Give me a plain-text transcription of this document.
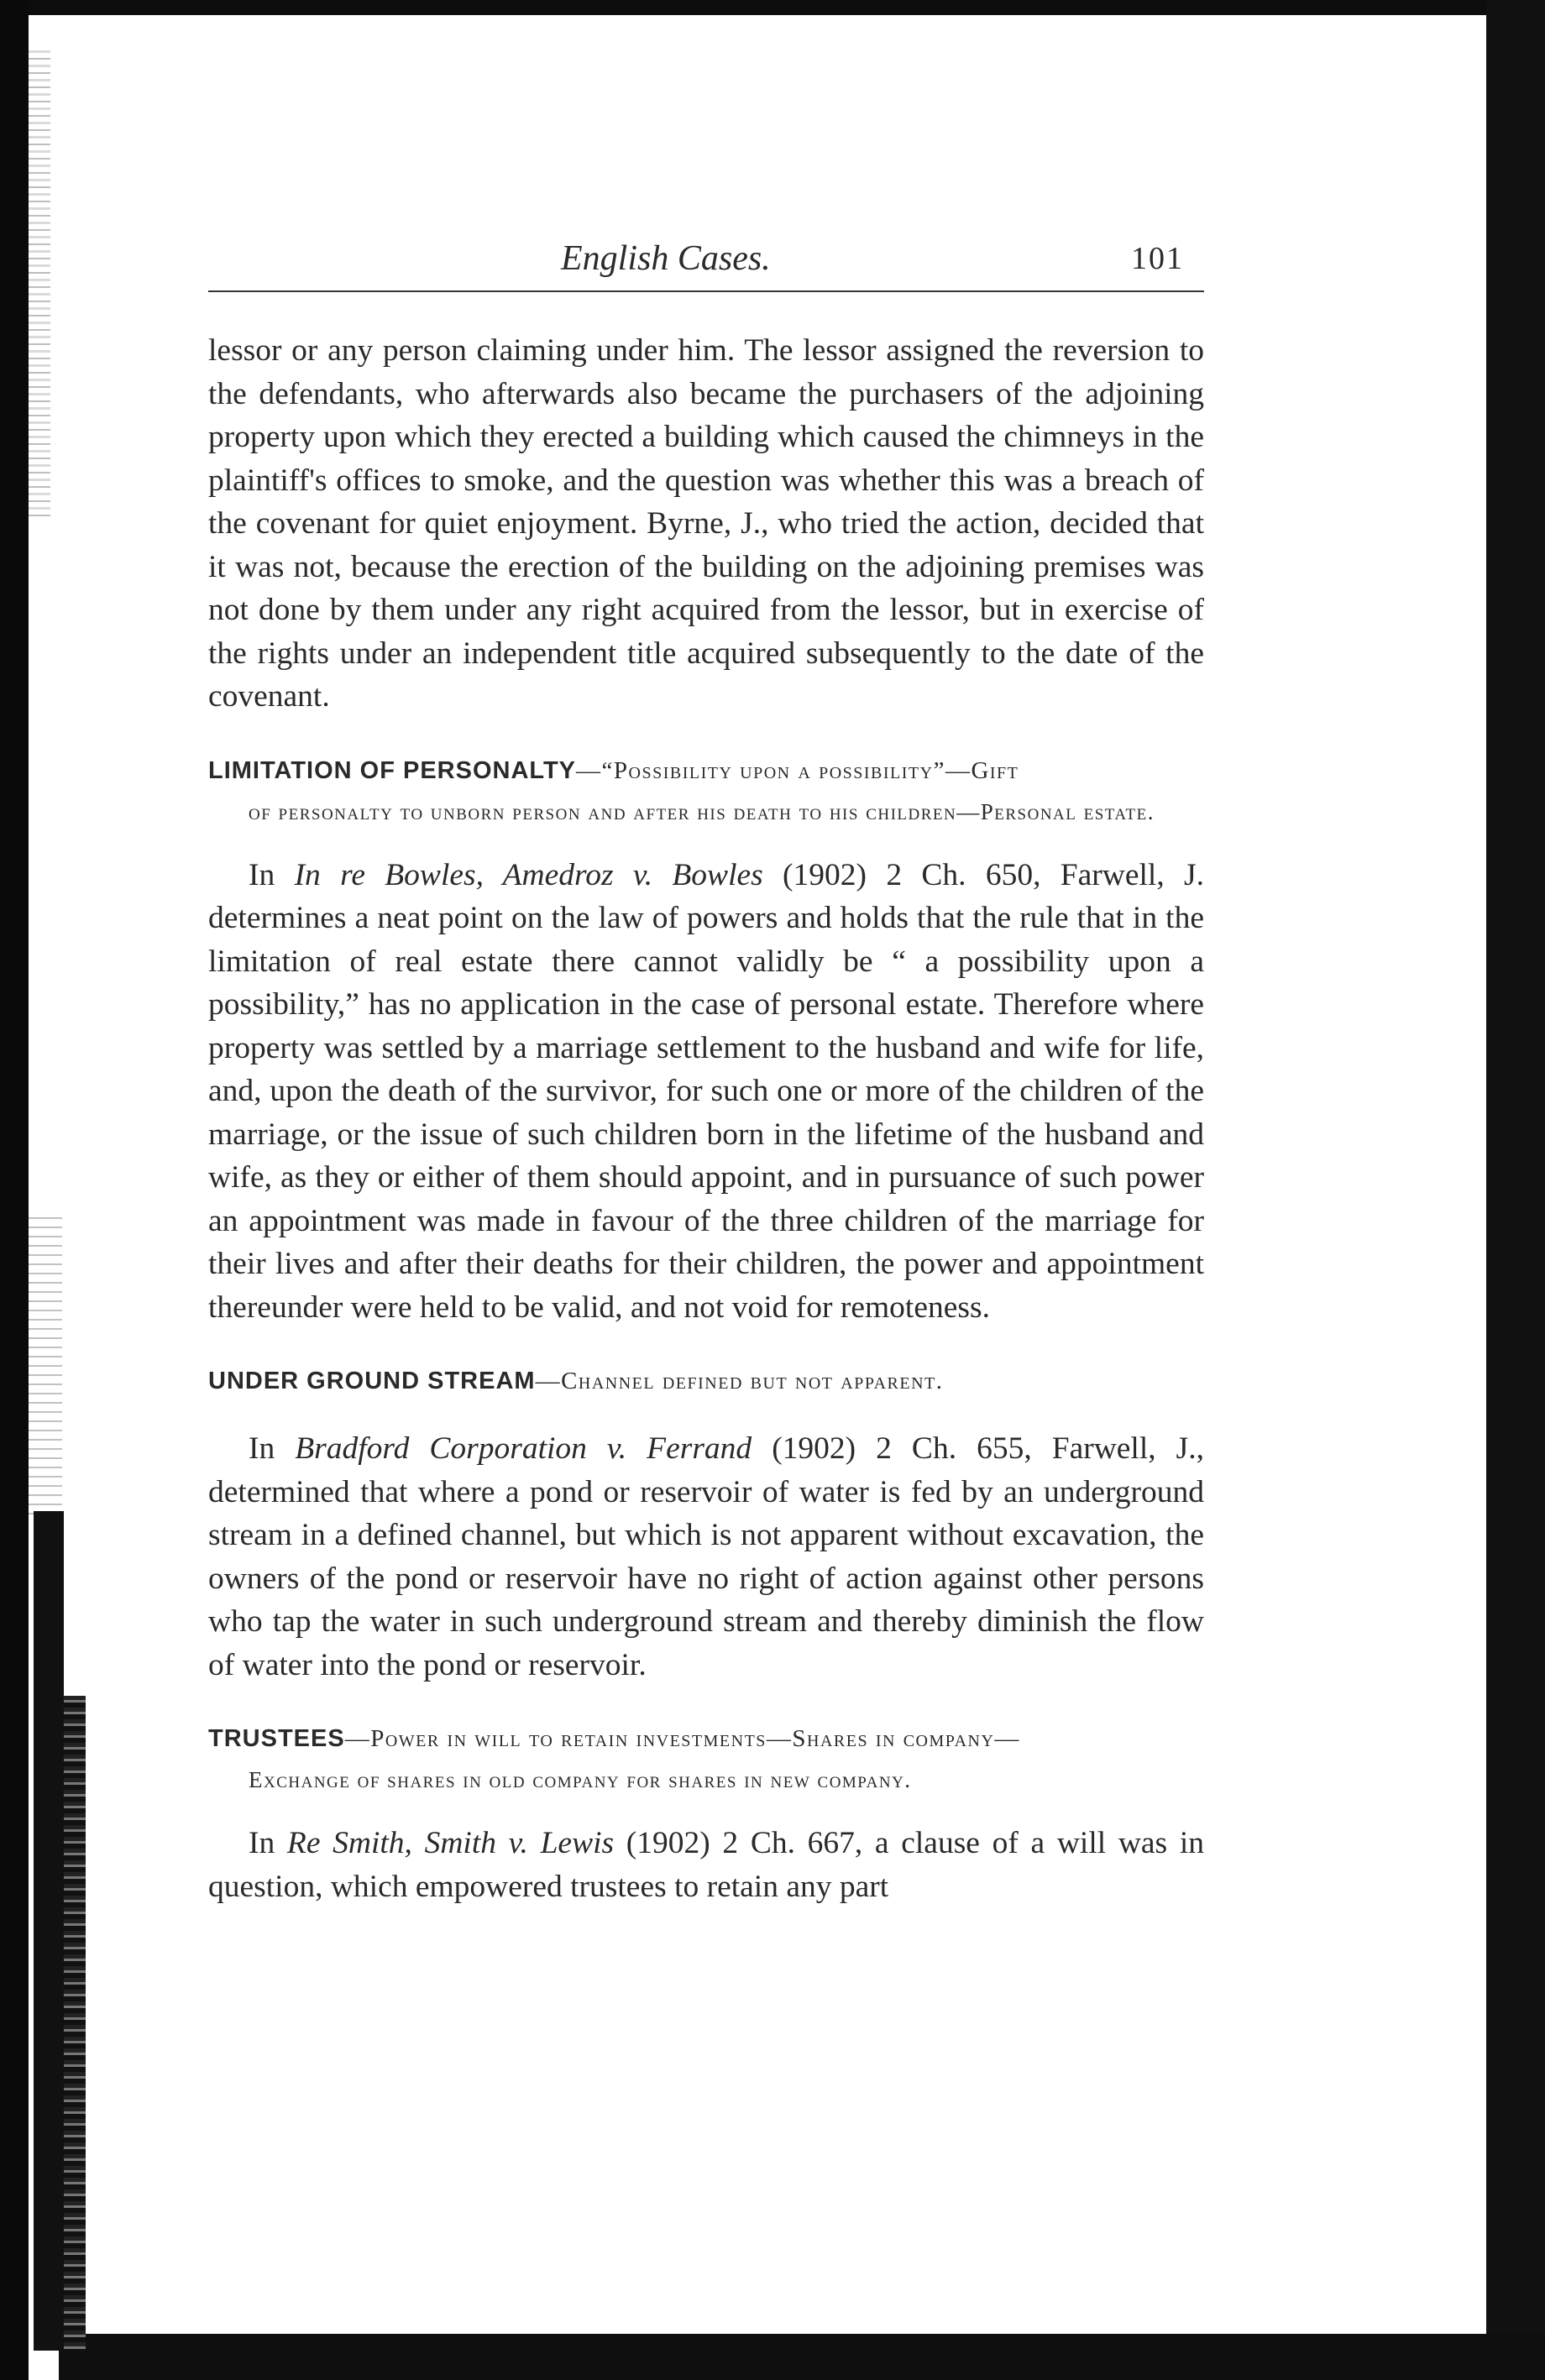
English Cases.	101

lessor or any person claiming under him. The lessor assigned the reversion to the defendants, who afterwards also became the purchasers of the adjoining property upon which they erected a building which caused the chimneys in the plaintiff's offices to smoke, and the question was whether this was a breach of the covenant for quiet enjoyment. Byrne, J., who tried the action, decided that it was not, because the erection of the building on the adjoining premises was not done by them under any right acquired from the lessor, but in exercise of the rights under an independent title acquired subsequently to the date of the covenant.

LIMITATION OF PERSONALTY—“Possibility upon a possibility”—Gift
of personalty to unborn person and after his death to his children—Personal estate.

In In re Bowles, Amedroz v. Bowles (1902) 2 Ch. 650, Farwell, J. determines a neat point on the law of powers and holds that the rule that in the limitation of real estate there cannot validly be “ a possibility upon a possibility,” has no application in the case of personal estate. Therefore where property was settled by a marriage settlement to the husband and wife for life, and, upon the death of the survivor, for such one or more of the children of the marriage, or the issue of such children born in the lifetime of the husband and wife, as they or either of them should appoint, and in pursuance of such power an appointment was made in favour of the three children of the marriage for their lives and after their deaths for their children, the power and appointment thereunder were held to be valid, and not void for remoteness.

UNDER GROUND STREAM—Channel defined but not apparent.

In Bradford Corporation v. Ferrand (1902) 2 Ch. 655, Farwell, J., determined that where a pond or reservoir of water is fed by an underground stream in a defined channel, but which is not apparent without excavation, the owners of the pond or reservoir have no right of action against other persons who tap the water in such underground stream and thereby diminish the flow of water into the pond or reservoir.

TRUSTEES—Power in will to retain investments—Shares in company—
Exchange of shares in old company for shares in new company.

In Re Smith, Smith v. Lewis (1902) 2 Ch. 667, a clause of a will was in question, which empowered trustees to retain any part
